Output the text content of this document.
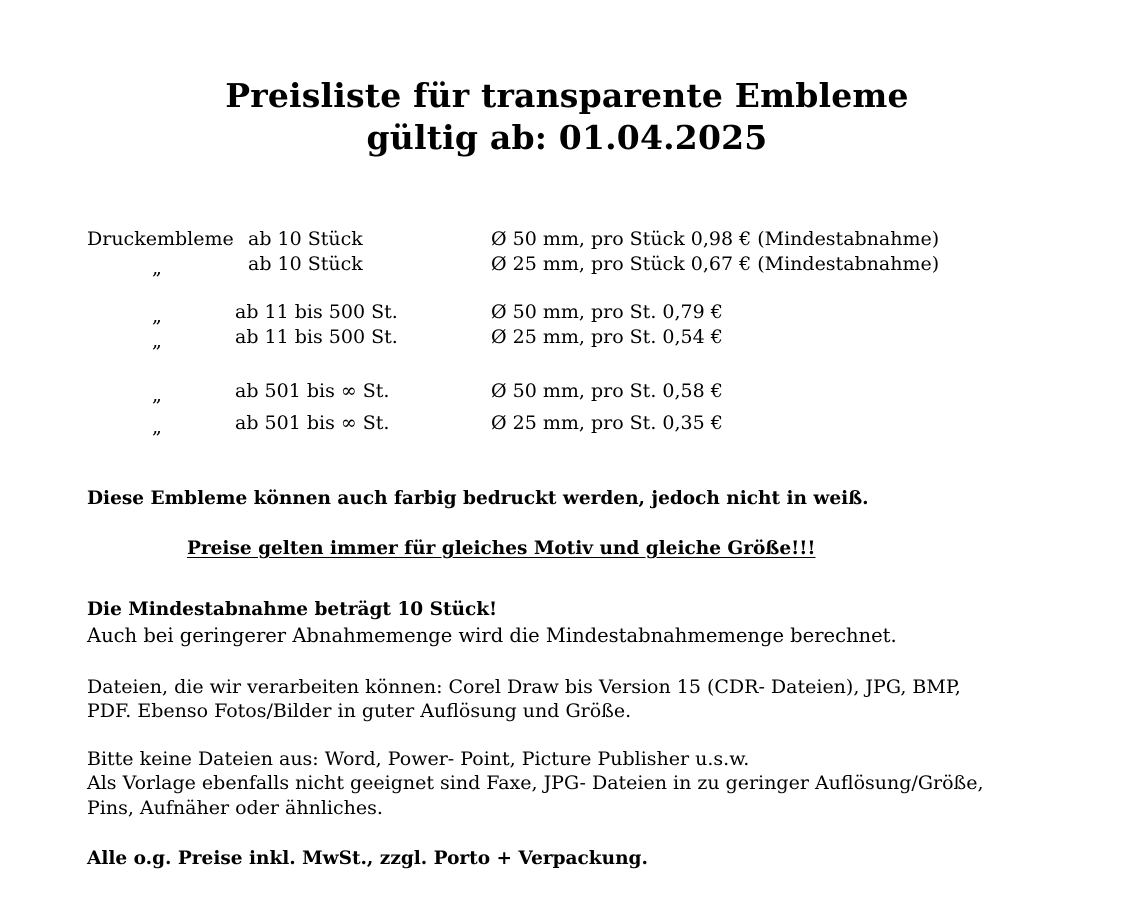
Preisliste für transparente Embleme
gültig ab: 01.04.2025
Druckembleme ab 10 Stück	Ø 50 mm, pro Stück 0,98 € (Mindestabnahme)
„	ab 10 Stück	Ø 25 mm, pro Stück 0,67 € (Mindestabnahme)
„	ab 11 bis 500 St.	Ø 50 mm, pro St. 0,79 €
„	ab 11 bis 500 St.	Ø 25 mm, pro St. 0,54 €
„	ab 501 bis ∞ St.	Ø 50 mm, pro St. 0,58 €
„	ab 501 bis ∞ St.	Ø 25 mm, pro St. 0,35 €
Diese Embleme können auch farbig bedruckt werden, jedoch nicht in weiß.
Preise gelten immer für gleiches Motiv und gleiche Größe!!!
Die Mindestabnahme beträgt 10 Stück!
Auch bei geringerer Abnahmemenge wird die Mindestabnahmemenge berechnet.
Dateien, die wir verarbeiten können: Corel Draw bis Version 15 (CDR- Dateien), JPG, BMP,
PDF. Ebenso Fotos/Bilder in guter Auflösung und Größe.
Bitte keine Dateien aus: Word, Power- Point, Picture Publisher u.s.w.
Als Vorlage ebenfalls nicht geeignet sind Faxe, JPG- Dateien in zu geringer Auflösung/Größe,
Pins, Aufnäher oder ähnliches.
Alle o.g. Preise inkl. MwSt., zzgl. Porto + Verpackung.
